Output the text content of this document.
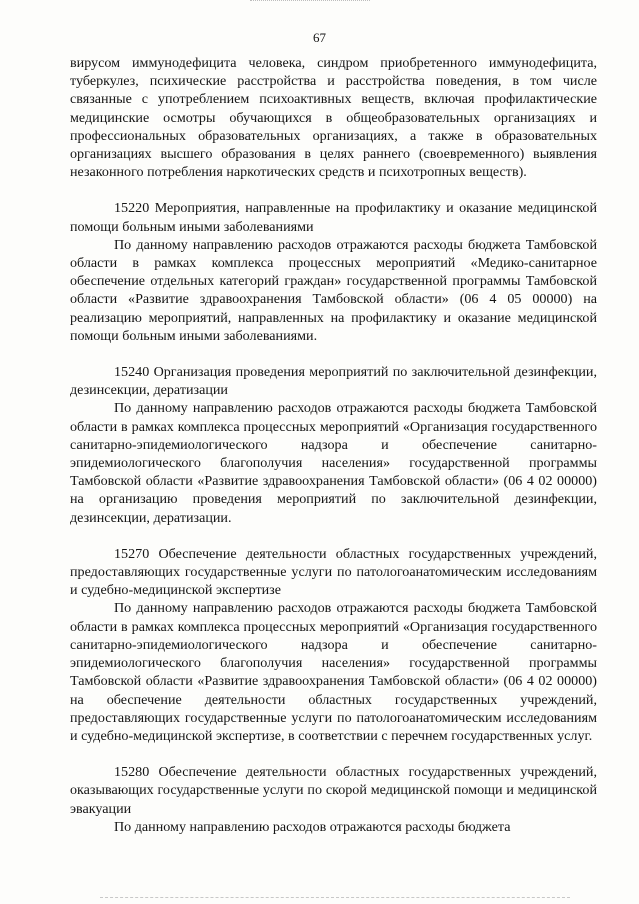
67

вирусом иммунодефицита человека, синдром приобретенного иммунодефицита, туберкулез, психические расстройства и расстройства поведения, в том числе связанные с употреблением психоактивных веществ, включая профилактические медицинские осмотры обучающихся в общеобразовательных организациях и профессиональных образовательных организациях, а также в образовательных организациях высшего образования в целях раннего (своевременного) выявления незаконного потребления наркотических средств и психотропных веществ).

15220 Мероприятия, направленные на профилактику и оказание медицинской помощи больным иными заболеваниями

По данному направлению расходов отражаются расходы бюджета Тамбовской области в рамках комплекса процессных мероприятий «Медико-санитарное обеспечение отдельных категорий граждан» государственной программы Тамбовской области «Развитие здравоохранения Тамбовской области» (06 4 05 00000) на реализацию мероприятий, направленных на профилактику и оказание медицинской помощи больным иными заболеваниями.

15240 Организация проведения мероприятий по заключительной дезинфекции, дезинсекции, дератизации

По данному направлению расходов отражаются расходы бюджета Тамбовской области в рамках комплекса процессных мероприятий «Организация государственного санитарно-эпидемиологического надзора и обеспечение санитарно-эпидемиологического благополучия населения» государственной программы Тамбовской области «Развитие здравоохранения Тамбовской области» (06 4 02 00000) на организацию проведения мероприятий по заключительной дезинфекции, дезинсекции, дератизации.

15270 Обеспечение деятельности областных государственных учреждений, предоставляющих государственные услуги по патологоанатомическим исследованиям и судебно-медицинской экспертизе

По данному направлению расходов отражаются расходы бюджета Тамбовской области в рамках комплекса процессных мероприятий «Организация государственного санитарно-эпидемиологического надзора и обеспечение санитарно-эпидемиологического благополучия населения» государственной программы Тамбовской области «Развитие здравоохранения Тамбовской области» (06 4 02 00000) на обеспечение деятельности областных государственных учреждений, предоставляющих государственные услуги по патологоанатомическим исследованиям и судебно-медицинской экспертизе, в соответствии с перечнем государственных услуг.

15280 Обеспечение деятельности областных государственных учреждений, оказывающих государственные услуги по скорой медицинской помощи и медицинской эвакуации

По данному направлению расходов отражаются расходы бюджета
